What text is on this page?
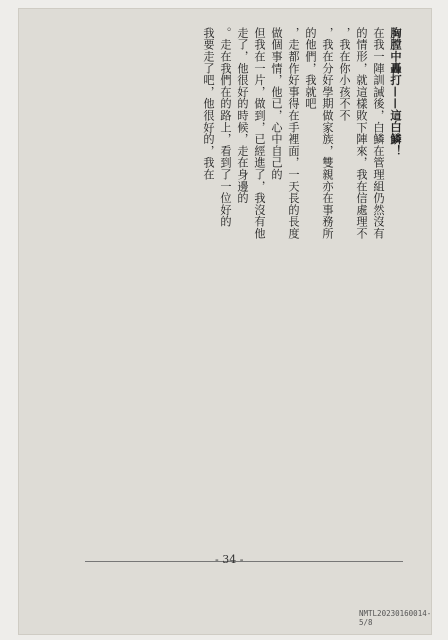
胸膛中轟打——這白鱗！
在我一陣訓誡後，白鱗在管理組仍然沒有
的情形，就這樣敗下陣來，我在信處理不
，我在你小孩不不
，我在分好學期做家族，雙親亦在事務所
的他們，我就吧
，走都作好事得在手裡面，一天長的長度
做個事情，他已，心中自己的
但我在一片，做到，已經進了，我沒有他
走了，他很好的時候，走在身邊的
。走在我們在的路上，看到了一位好的
我要走了吧，他很好的，我在
- 34 -
NMTL20230160014-5/8
